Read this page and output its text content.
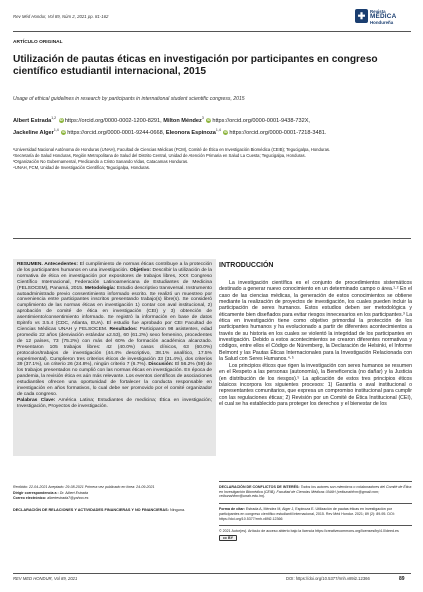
Rev Méd Hondur, Vol 89, Núm 2, 2021 pp. 81-162	✚	Revista
MÉDICA
Hondureña
ARTÍCULO ORIGINAL
Utilización de pautas éticas en investigación por participantes en congreso científico estudiantil internacional, 2015
Usage of ethical guidelines in research by participants in international student scientific congress, 2015
Albert Estrada$^{1,2}$ iD https://orcid.org/0000-0002-1200-8291, Milton Méndez$^3$ iD https://orcid.org/0000-0001-9438-732X,
Jackeline Alger$^{1,4}$ iD https://orcid.org/0000-0001-9244-0668, Eleonora Espinoza$^{1,4}$ iD https://orcid.org/0000-0001-7218-3481.

¹Universidad Nacional Autónoma de Honduras (UNAH), Facultad de Ciencias Médicas (FCM), Comité de Ética en Investigación Biomédica (CEIB); Tegucigalpa, Honduras.

²Secretaría de Salud Honduras, Región Metropolitana de Salud del Distrito Central, Unidad de Atención Primaria en Salud La Cuesta; Tegucigalpa, Honduras.

³Organización No Gubernamental, Predicando a Cristo Sanando Vidas, Catacamas Honduras.

⁴UNAH, FCM, Unidad de Investigación Científica; Tegucigalpa, Honduras.

RESUMEN. Antecedentes: El cumplimiento de normas éticas contribuye a la protección de los participantes humanos en una investigación. Objetivo: Describir la utilización de la normativa de ética en investigación por expositores de trabajos libres, XXX Congreso Científico Internacional, Federación Latinoamericana de Estudiantes de Medicina (FELSOCEM), Panamá, 2015. Metodología: Estudio descriptivo transversal. Instrumento autoadministrado previo consentimiento informado escrito. Se realizó un muestreo por conveniencia entre participantes inscritos presentando trabajo(s) libre(s). Se consideró cumplimiento de las normas éticas en investigación 1) contar con aval institucional, 2) aprobación de comité de ética en investigación (CEI) y 3) obtención de asentimiento/consentimiento informado. Se registró la información en base de datos EpiInfo vs 3.5.4 (CDC, Atlanta, EUA). El estudio fue aprobado por CEI Facultad de Ciencias Médicas UNAH y FELSOCEM. Resultados: Participaron 98 asistentes, edad promedio 22 años (desviación estándar ±2.53), 60 (61.2%) sexo femenino, procedentes de 12 países, 73 (75.2%) con más del 60% de formación académica alcanzado. Presentaron 105 trabajos libres: 42 (40.0%) casos clínicos, 63 (60.0%) protocolos/trabajos de investigación (44.4% descriptivo, 38.1% analítico, 17.5% experimental). Cumplieron tres criterios éticos de investigación 33 (31.4%), dos criterios 39 (37.1%), un criterio 26 (24.8%), ningún criterio 7 (6.7%). Discusión: El 56.2% (59) de los trabajos presentados no cumplió con las normas éticas en investigación. En época de pandemia, la revisión ética es aún más relevante. Los eventos científicos de asociaciones estudiantiles ofrecen una oportunidad de fortalecer la conducta responsable en investigación en años formativos, lo cual debe ser promovido por el comité organizador de cada congreso.

Palabras Clave: América Latina; Estudiantes de medicina; Ética en investigación; Investigación, Proyectos de investigación.

Recibido: 22-04-2021 Aceptado: 29-08-2021 Primera vez publicado en línea: 24-09-2021

Dirigir correspondencia a : Dr. Albert Estrada

Correo electrónico: albertestrada7@yahoo.es

DECLARACIÓN DE RELACIONES Y ACTIVIDADES FINANCIERAS Y NO FINANCIERAS: Ninguna.
INTRODUCCIÓN

La investigación científica es el conjunto de procedimientos sistemáticos destinado a generar nuevo conocimiento en un determinado campo o área.¹·² En el caso de las ciencias médicas, la generación de estos conocimientos se obtiene mediante la realización de proyectos de investigación, los cuales pueden incluir la participación de seres humanos. Estos estudios deben ser metodológica y éticamente bien diseñados para evitar riesgos innecesarios en los participantes.³ La ética en investigación tiene como objetivo primordial la protección de los participantes humanos y ha evolucionado a partir de diferentes acontecimientos a través de su historia en los cuales se violentó la integridad de los participantes en investigación. Debido a estos acontecimientos se crearon diferentes normativas y códigos, entre ellos el Código de Núremberg, la Declaración de Helsinki, el Informe Belmont y las Pautas Éticas Internacionales para la Investigación Relacionada con la Salud con Seres Humanos.⁴·⁵

Los principios éticos que rigen la investigación con seres humanos se resumen en el Respeto a las personas (autonomía), la Beneficencia (no dañar) y la Justicia (en distribución de los riesgos).⁵ La aplicación de estos tres principios éticos básicos incorpora los siguientes procesos: 1) Garantía o aval institucional o representantes comunitarios, que expresa un compromiso institucional para cumplir con las regulaciones éticas; 2) Revisión por un Comité de Ética Institucional (CEI), el cual se ha establecido para proteger los derechos y el bienestar de los

DECLARACIÓN DE CONFLICTOS DE INTERÉS: Todos los autores son miembros o colaboradores del Comité de Ética en Investigación Biomédica (CEIB), Facultad de Ciencias Médicas UNAH (ceibunahfcm@gmail.com; ceibunahfcm@unah.edu.hn).
Forma de citar: Estrada A, Méndez M, Alger J, Espinoza E. Utilización de pautas éticas en investigación por participantes en congreso científico estudiantil internacional, 2015. Rev Méd Hondur. 2021; 89 (2): 89-95. DOI: https://doi.org/10.5377/rmh.v89i2.12366
© 2021 Autor(es). Artículo de acceso abierto bajo la licencia https://creativecommons.org/licenses/by/4.0/deed.es
cc BY
REV MED HONDUR, Vol 89, 2021	DOI: https://doi.org/10.5377/rmh.v89i2.12366	89
